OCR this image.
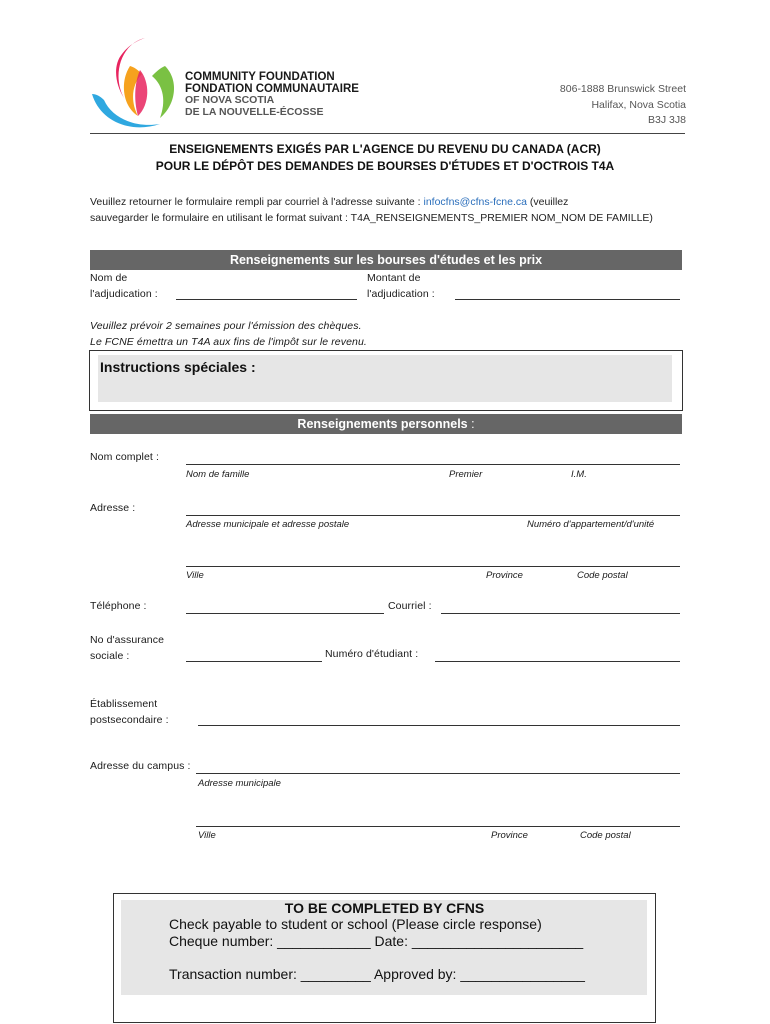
COMMUNITY FOUNDATION
FONDATION COMMUNAUTAIRE
OF NOVA SCOTIA
DE LA NOUVELLE-ÉCOSSE
806-1888 Brunswick Street
Halifax, Nova Scotia
B3J 3J8
ENSEIGNEMENTS EXIGÉS PAR L'AGENCE DU REVENU DU CANADA (ACR)
POUR LE DÉPÔT DES DEMANDES DE BOURSES D'ÉTUDES ET D'OCTROIS T4A
Veuillez retourner le formulaire rempli par courriel à l'adresse suivante : infocfns@cfns-fcne.ca (veuillez
sauvegarder le formulaire en utilisant le format suivant : T4A_RENSEIGNEMENTS_PREMIER NOM_NOM DE FAMILLE)
Renseignements sur les bourses d'études et les prix
Nom de
l'adjudication :
Montant de
l'adjudication :
Veuillez prévoir 2 semaines pour l'émission des chèques.
Le FCNE émettra un T4A aux fins de l'impôt sur le revenu.
Instructions spéciales :
Renseignements personnels :
Nom complet :
Nom de famille	Premier	I.M.
Adresse :
Adresse municipale et adresse postale	Numéro d'appartement/d'unité
Ville	Province	Code postal
Téléphone :	Courriel :
No d'assurance
sociale :	Numéro d'étudiant :
Établissement
postsecondaire :
Adresse du campus :
Adresse municipale
Ville	Province	Code postal
TO BE COMPLETED BY CFNS
Check payable to student or school (Please circle response)
Cheque number: ____________ Date: ______________________
Transaction number: _________ Approved by: ________________
